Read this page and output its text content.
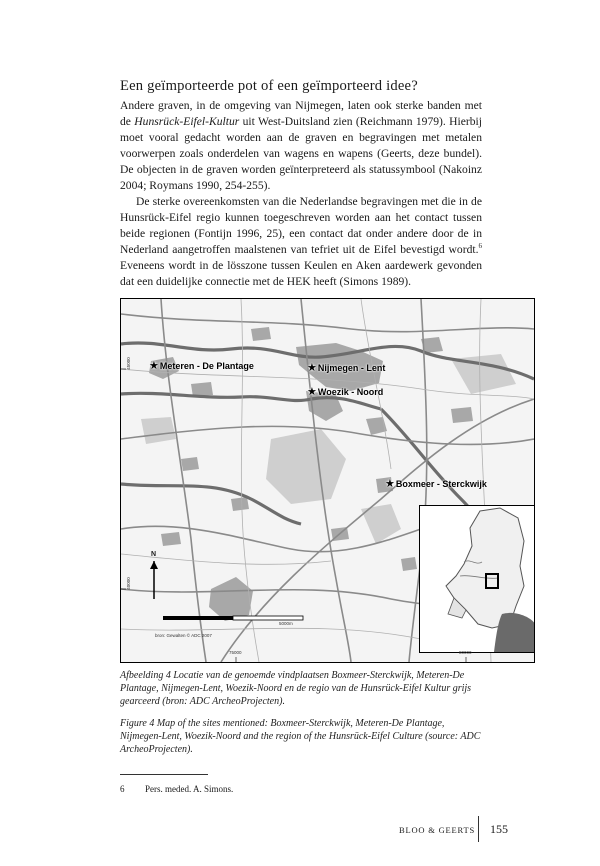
Een geïmporteerde pot of een geïmporteerd idee?

Andere graven, in de omgeving van Nijmegen, laten ook sterke banden met de Hunsrück-Eifel-Kultur uit West-Duitsland zien (Reichmann 1979). Hierbij moet vooral gedacht worden aan de graven en begravingen met metalen voorwerpen zoals onderdelen van wagens en wapens (Geerts, deze bundel). De objecten in de graven worden geïnterpreteerd als statussymbool (Nakoinz 2004; Roymans 1990, 254-255).

De sterke overeenkomsten van die Nederlandse begravingen met die in de Hunsrück-Eifel regio kunnen toegeschreven worden aan het contact tussen beide regionen (Fontijn 1996, 25), een contact dat onder andere door de in Nederland aangetroffen maalstenen van tefriet uit de Eifel bevestigd wordt.$^6$ Eveneens wordt in de lösszone tussen Keulen en Aken aardewerk gevonden dat een duidelijke connectie met de HEK heeft (Simons 1989).

★ Meteren - De Plantage	★ Nijmegen - Lent
★ Woezik - Noord
★ Boxmeer - Sterckwijk
N
bron: Gewalten © ADC 2007
5000m
45000
40000
75000	80000
Afbeelding 4 Locatie van de genoemde vindplaatsen Boxmeer-Sterckwijk, Meteren-De Plantage, Nijmegen-Lent, Woezik-Noord en de regio van de Hunsrück-Eifel Kultur grijs gearceerd (bron: ADC ArcheoProjecten).
Figure 4 Map of the sites mentioned: Boxmeer-Sterckwijk, Meteren-De Plantage, Nijmegen-Lent, Woezik-Noord and the region of the Hunsrück-Eifel Culture (source: ADC ArcheoProjecten).
6 Pers. meded. A. Simons.
BLOO & GEERTS 155
